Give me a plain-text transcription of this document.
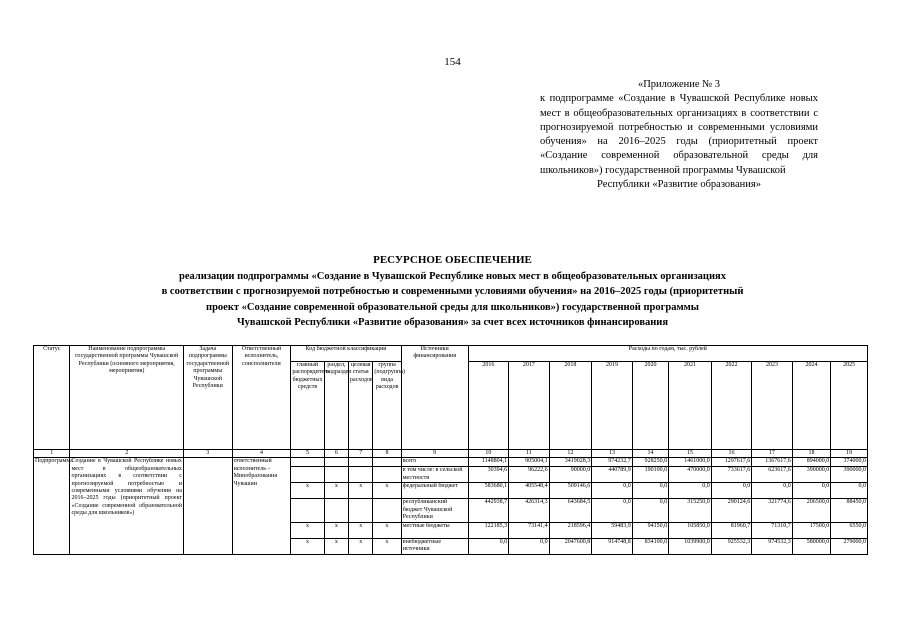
154
«Приложение № 3
к подпрограмме «Создание в Чувашской Республике новых мест в общеобразовательных организациях в соответствии с прогнозируемой потребностью и современными условиями обучения» на 2016–2025 годы (приоритетный проект «Создание современной образовательной среды для школьников») государственной программы Чувашской
Республики «Развитие образования»
РЕСУРСНОЕ ОБЕСПЕЧЕНИЕ
реализации подпрограммы «Создание в Чувашской Республике новых мест в общеобразовательных организациях
в соответствии с прогнозируемой потребностью и современными условиями обучения» на 2016–2025 годы (приоритетный
проект «Создание современной образовательной среды для школьников») государственной программы
Чувашской Республики «Развитие образования» за счет всех источников финансирования
Статус	Наименование подпрограммы государственной программы Чувашской Республики (основного мероприятия, мероприятия)	Задача подпрограммы государственной программы Чувашской Республики	Ответственный исполнитель, соисполнители	Код бюджетной классификации				Источники финансирования	Расходы по годам, тыс. рублей									
				главный распорядитель бюджетных средств	раздел, подраздел	целевая статья расходов	группа (подгруппа) вида расходов		2016	2017	2018	2019	2020	2021	2022	2023	2024	2025
1	2	3	4	5	6	7	8	9	10	11	12	13	14	15	16	17	18	19
Подпрограмма	Создание в Чувашской Республике новых мест в общеобразовательных организациях в соответствии с прогнозируемой потребностью и современными условиями обучения на 2016–2025 годы (приоритетный проект «Создание современной образовательной среды для школьников»)		ответственный исполнитель – Минобразования Чувашии					всего	1148804,1	905004,1	3419028,3	974232,7	928250,0	1461000,0	1297617,6	1367617,6	894000,0	374000,0
								в том числе: в сельской местности	30394,6	96222,6	90000,0	440789,9	190100,0	470000,0	733617,6	623617,6	390000,0	390000,0
				x	x	x	x	федеральный бюджет	583680,1	405548,4	509146,6	0,0	0,0	0,0	0,0	0,0	0,0	0,0
								республиканский бюджет Чувашской Республики	442938,7	426314,3	643684,5	0,0	0,0	315250,0	290124,6	321774,6	206500,0	88450,0
				x	x	x	x	местные бюджеты	122185,3	73141,4	218596,4	59483,9	94150,0	105850,0	81960,7	71310,7	17500,0	6550,0
				x	x	x	x	внебюджетные источники	0,0	0,0	2047600,8	914748,8	834100,0	1039900,0	925532,3	974532,3	580000,0	279000,0
